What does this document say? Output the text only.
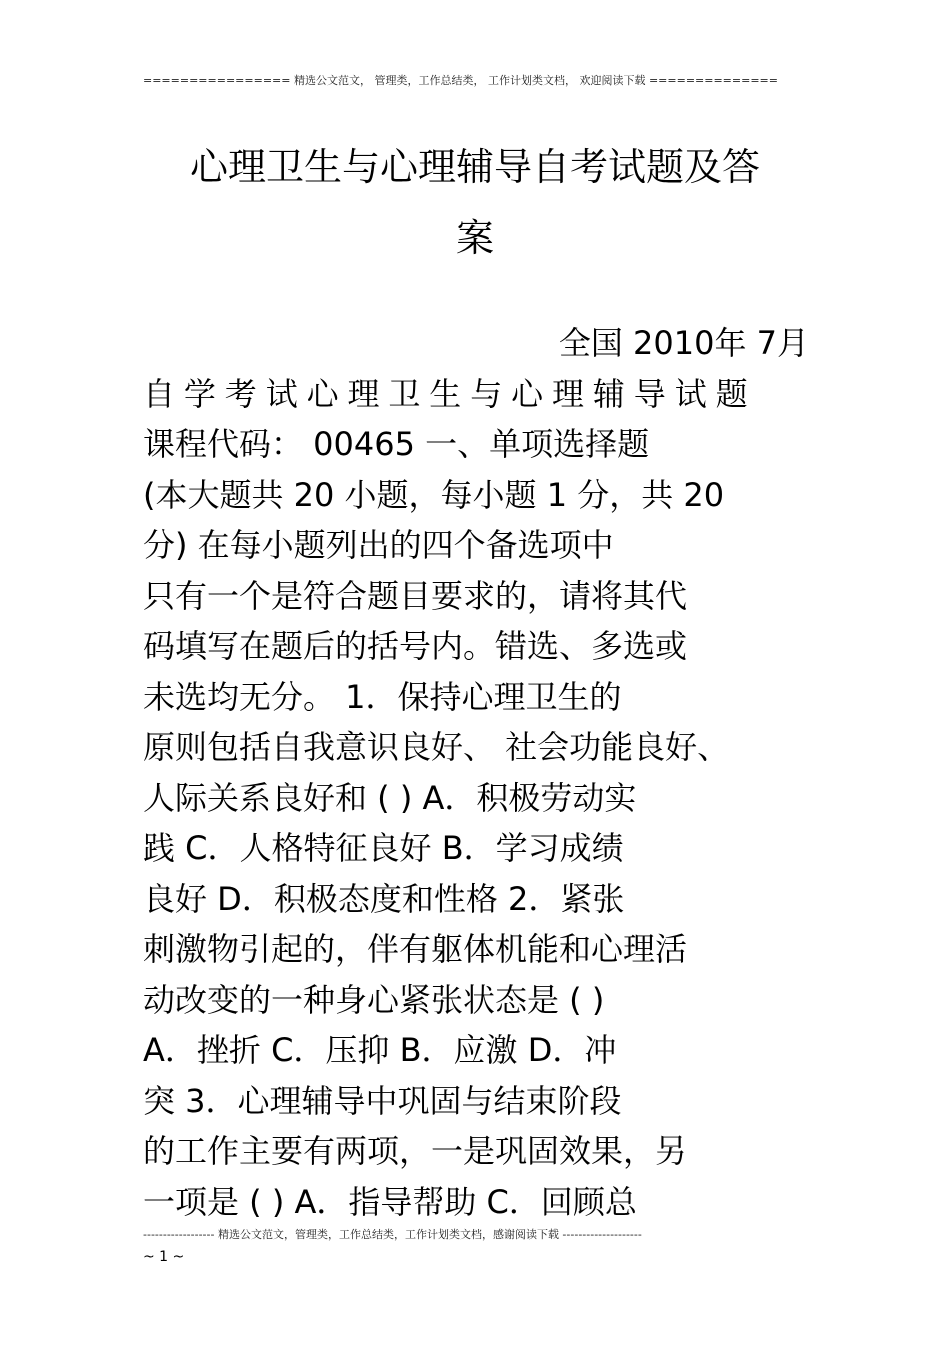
================ 精选公文范文， 管理类，工作总结类， 工作计划类文档， 欢迎阅读下载 ==============
心理卫生与心理辅导自考试题及答
案
全国 2010年 7月
自学考试心理卫生与心理辅导试题
课程代码： 00465 一、单项选择题
(本大题共 20 小题，每小题 1 分，共 20
分) 在每小题列出的四个备选项中
只有一个是符合题目要求的，请将其代
码填写在题后的括号内。错选、多选或
未选均无分。 1．保持心理卫生的
原则包括自我意识良好、 社会功能良好、
人际关系良好和 ( ) A．积极劳动实
践 C．人格特征良好 B．学习成绩
良好 D．积极态度和性格 2．紧张
刺激物引起的，伴有躯体机能和心理活
动改变的一种身心紧张状态是 ( )
A．挫折 C．压抑 B．应激 D．冲
突 3．心理辅导中巩固与结束阶段
的工作主要有两项，一是巩固效果，另
一项是 ( ) A．指导帮助 C．回顾总
------------------ 精选公文范文，管理类，工作总结类，工作计划类文档，感谢阅读下载 --------------------
~ 1 ~
